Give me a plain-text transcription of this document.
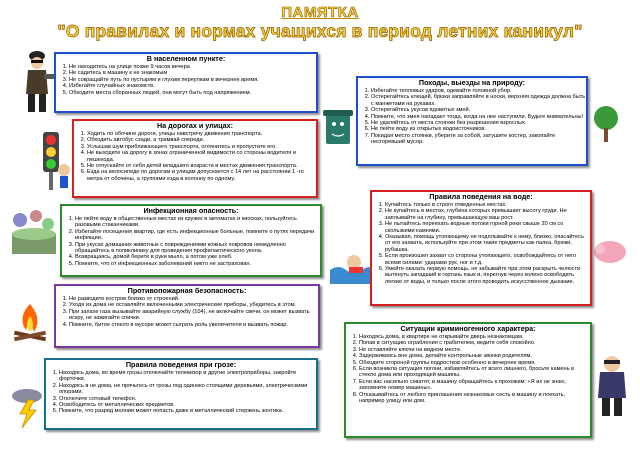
ПАМЯТКА
"О правилах и нормах учащихся в период летних каникул"
В населенном пункте:
1. Не находитесь на улице позже 9 часов вечера
2. Не садитесь в машину к не знакомым
3. Не сокращайте путь по пустырям и глухим переулкам в вечернее время.
4. Избегайте случайных знакомств.
5. Обходите места сборанных людей, они могут быть под напряжением.
На дорогах и улицах:
1. Ходить по обочине дороги, улицы навстречу движения транспорта.
2. Обходить автобус сзади, а трамвай спереди.
3. Услышав шум приближающего транспорта, оглянитесь и пропустите его.
4. Не выходите на дорогу в зонах ограниченной видимости со стороны водителя и пешехода.
5. Не отпускайте от себя детей младшего возраста в местах движения транспорта.
6. Езда на велосипеде по дорогам и улицам допускается с 14 лет на расстоянии 1 -го метра от обочины, а группами езда в колонну по одному.
Инфекционная опасность:
1. Не пейте воду в общественных местах из кружек в автоматах и киосках, пользуйтесь разовыми стаканчиками.
2. Избегайте посещения квартир, где есть инфекционные больные, помните о путях передачи инфекции.
3. При укусах домашних животных с повреждениями кожных покровов немедленно обращайтесь в поликлинику для проведения профилактического укола.
4. Возвращаясь, домой берите в руки мыло, а потом уже хлеб.
5. Помните, что от инфекционных заболеваний никто не застрахован.
Противопожарная безопасность:
1. Не разводите костров близко от строений.
2. Уходя из дома не оставляйте включенными электрические приборы, убедитесь в этом.
3. При запахе газа вызывайте аварийную службу (104), не включайте свечи, он может вызвать искру, не зажигайте спички.
4. Помните, битое стекло в мусоре может сыграть роль увеличителя и вызвать пожар.
Правила поведения при грозе:
1. Находясь дома, во время грозы отключайте телевизор и другие электроприборы, закройте форточки.
2. Находясь в не дома, не прячьтесь от грозы под одиноко стоящими деревьями, электрическими опорами.
3. Отключите сотовый телефон.
4. Освободитесь от металлических предметов.
5. Помните, что разряд молнии может попасть даже в металлический стержень зонтика.
Походы, выезды на природу:
1. Избегайте тепловых ударов, одевайте головной убор.
2. Остерегайтесь клещей, брюки заправляйте в носки, верхняя одежда должна быть с манжетами на рукавах.
3. Остерегайтесь укусов ядовитых змей.
4. Помните, что змея нападает тогда, когда на нее наступили. Будьте внимательны!
5. Не удаляйтесь от места стоянки без разрешения взрослых.
6. Не пейте воду из открытых водоисточников.
7. Покидая место стоянки, уберите за собой, затушите костер, закопайте несгоревший мусор.
Правила поведения на воде:
1. Купайтесь только в строго отведенных местах.
2. Не купайтесь в местах, глубина которых превышает высоту груди. Не заплывайте на глубину, превышающую ваш рост.
3. Не пытайтесь переехать водные потоки горной реки свыше 20 см со скользкими камнями.
4. Оказывая, помощь утопающему не подплывайте к нему, близко, опасайтесь от его захвата, используйте при этом такие предметы как палка, брюки, рубашка.
5. Если произошел захват со стороны утопающего, освобождайтесь от него всеми силами: ударами рук, ног и т.д.
6. Умейте оказать первую помощь, не забывайте при этом раскрыть челюсти вытянуть западший в гортань язык и, перегнув через колено освободить легкие от воды, и только после этого проводить искусственное дыхание.
Ситуации криминогенного характера:
1. Находясь дома, в квартире не открывайте дверь незнакомцам.
2. Попав в ситуацию ограбления с грабителем, ведите себя спокойно.
3. Не оставляйте ключи на видном месте.
4. Задерживаясь вне дома, делайте контрольные звонки родителям.
5. Обходите стороной группы подростков особенно в вечернее время.
6. Если возникла ситуация погони, избавляйтесь от всего лишнего, бросьте камень в стекло дома или проходящей машины.
7. Если вас насильно схватят, в машину обращайтесь к прохожим: «Я их не знаю, запомните номер машины».
8. Отказывайтесь от любого приглашения незнакомых сесть в машину и поехать, например улицу или дом.
